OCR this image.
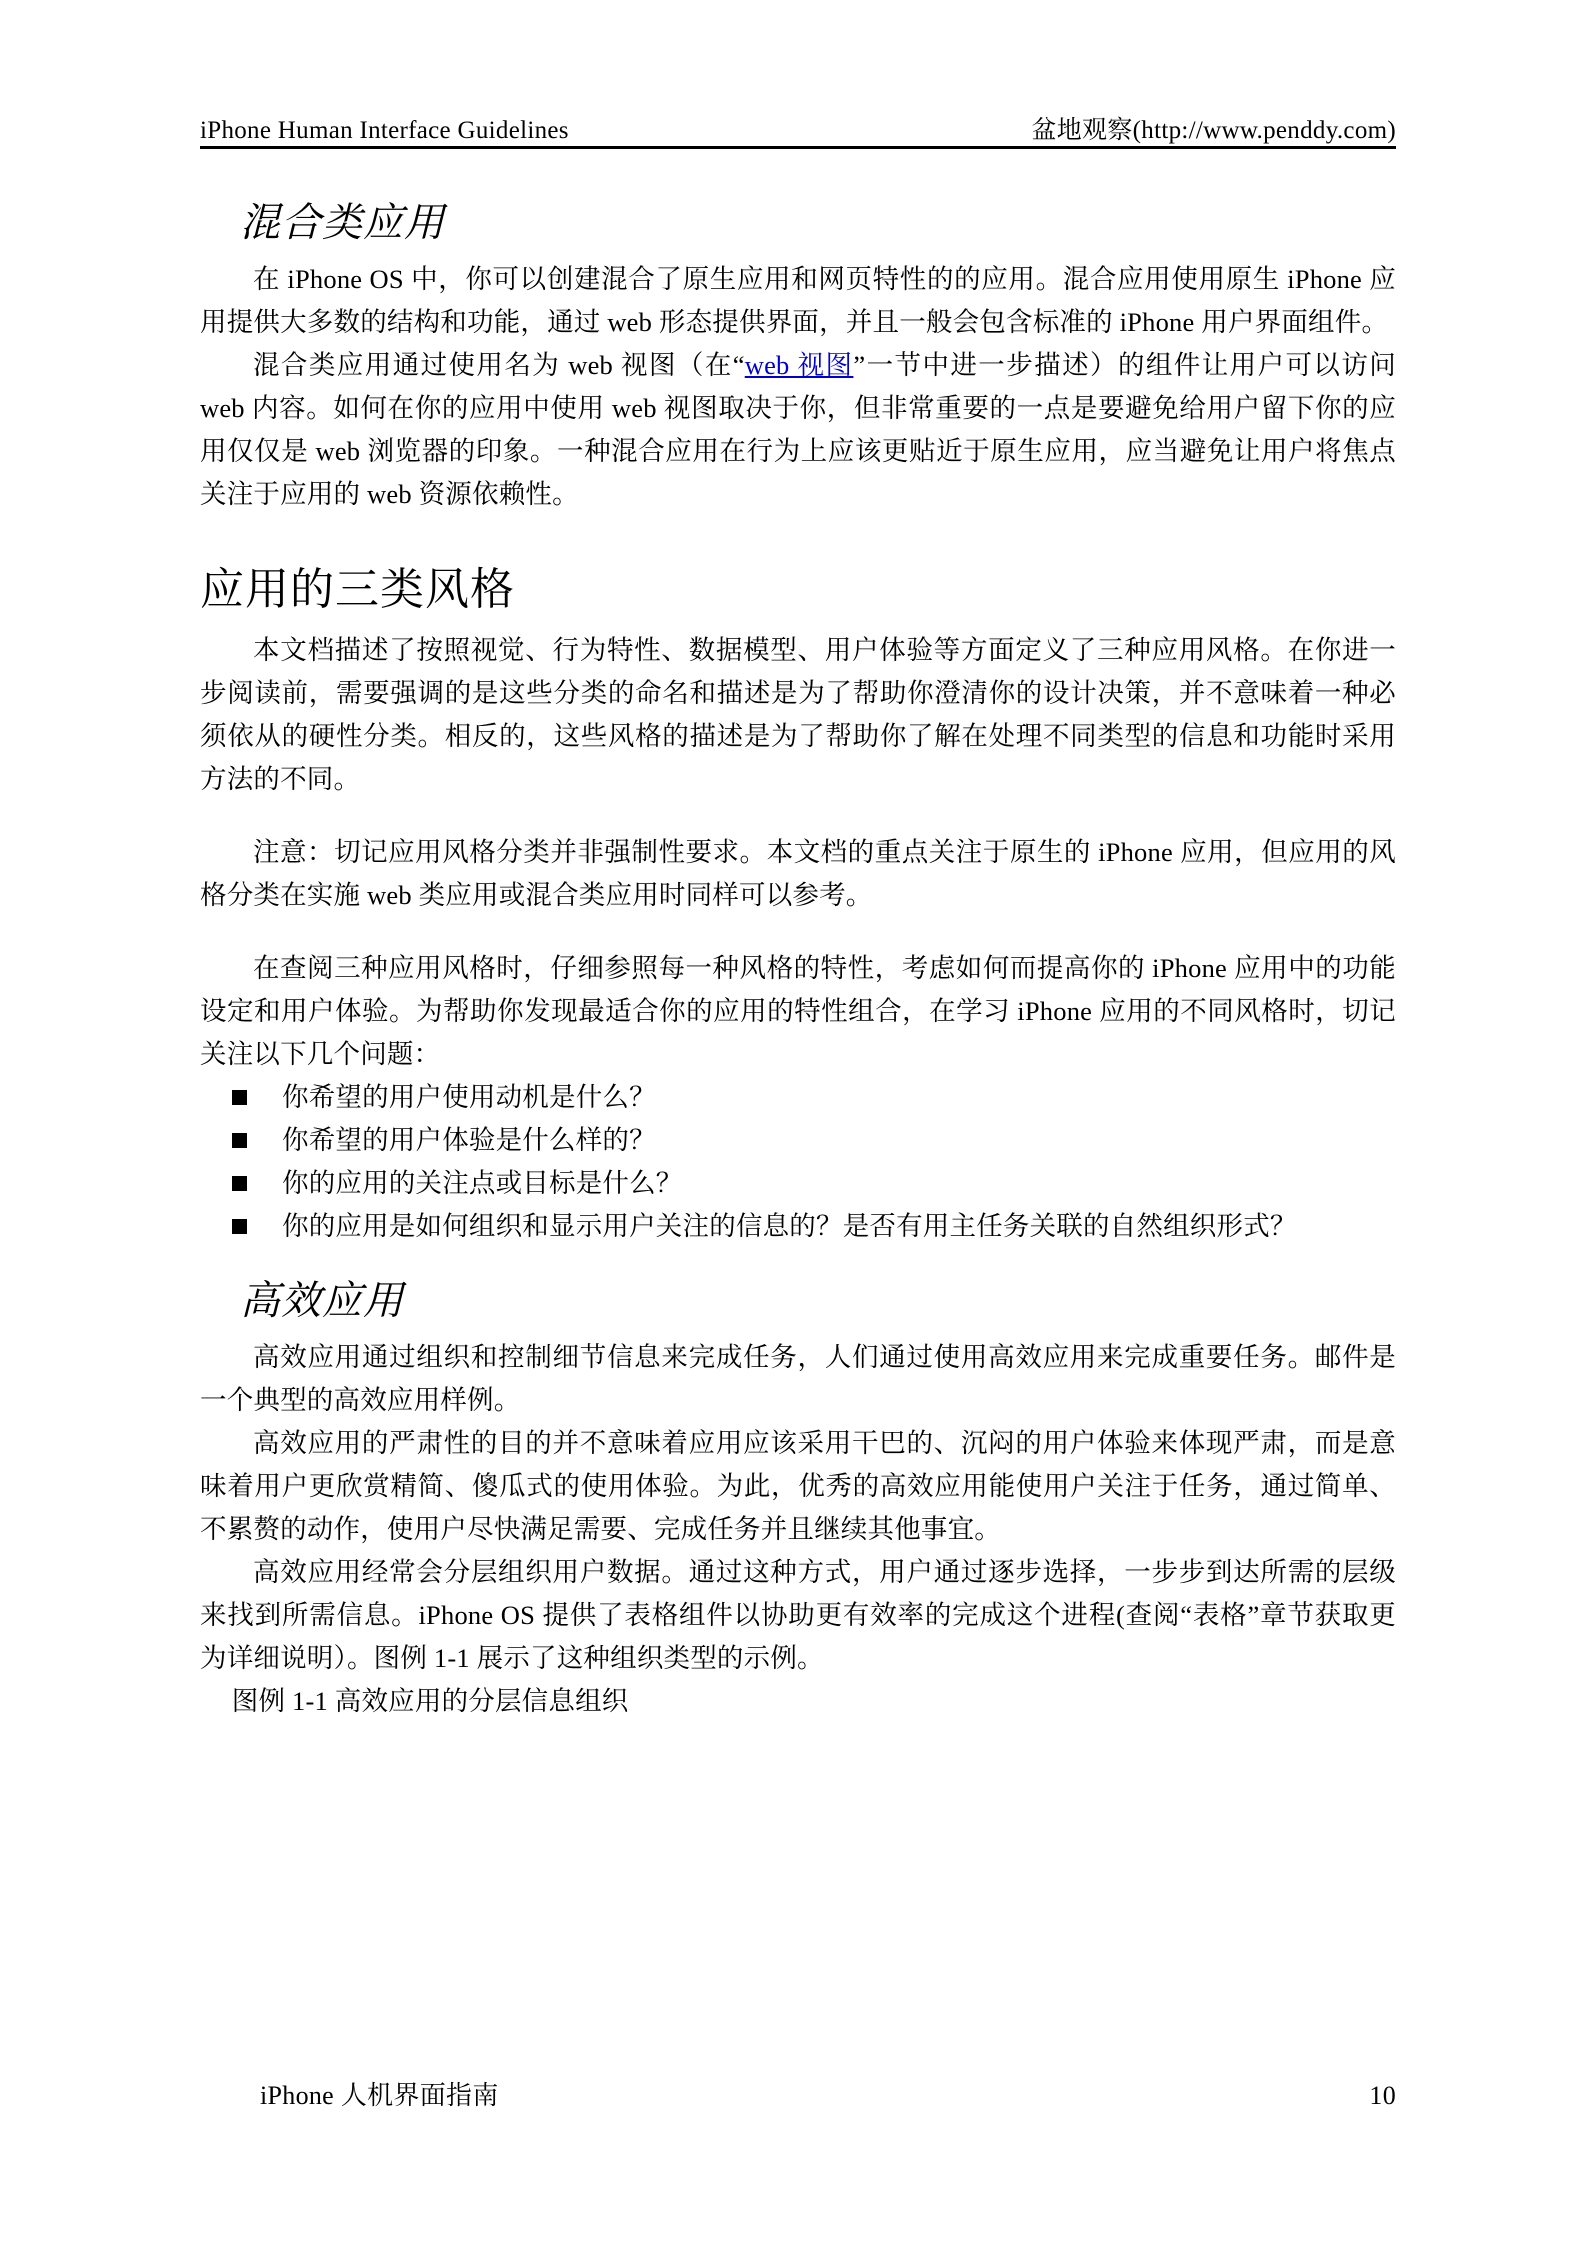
iPhone Human Interface Guidelines	盆地观察(http://www.penddy.com)
混合类应用

在 iPhone OS 中，你可以创建混合了原生应用和网页特性的的应用。混合应用使用原生 iPhone 应用提供大多数的结构和功能，通过 web 形态提供界面，并且一般会包含标准的 iPhone 用户界面组件。

混合类应用通过使用名为 web 视图（在“web 视图”一节中进一步描述）的组件让用户可以访问 web 内容。如何在你的应用中使用 web 视图取决于你，但非常重要的一点是要避免给用户留下你的应用仅仅是 web 浏览器的印象。一种混合应用在行为上应该更贴近于原生应用，应当避免让用户将焦点关注于应用的 web 资源依赖性。

应用的三类风格

本文档描述了按照视觉、行为特性、数据模型、用户体验等方面定义了三种应用风格。在你进一步阅读前，需要强调的是这些分类的命名和描述是为了帮助你澄清你的设计决策，并不意味着一种必须依从的硬性分类。相反的，这些风格的描述是为了帮助你了解在处理不同类型的信息和功能时采用方法的不同。

注意：切记应用风格分类并非强制性要求。本文档的重点关注于原生的 iPhone 应用，但应用的风格分类在实施 web 类应用或混合类应用时同样可以参考。

在查阅三种应用风格时，仔细参照每一种风格的特性，考虑如何而提高你的 iPhone 应用中的功能设定和用户体验。为帮助你发现最适合你的应用的特性组合，在学习 iPhone 应用的不同风格时，切记关注以下几个问题：

你希望的用户使用动机是什么？
你希望的用户体验是什么样的？
你的应用的关注点或目标是什么？
你的应用是如何组织和显示用户关注的信息的？是否有用主任务关联的自然组织形式？
高效应用

高效应用通过组织和控制细节信息来完成任务，人们通过使用高效应用来完成重要任务。邮件是一个典型的高效应用样例。

高效应用的严肃性的目的并不意味着应用应该采用干巴的、沉闷的用户体验来体现严肃，而是意味着用户更欣赏精简、傻瓜式的使用体验。为此，优秀的高效应用能使用户关注于任务，通过简单、不累赘的动作，使用户尽快满足需要、完成任务并且继续其他事宜。

高效应用经常会分层组织用户数据。通过这种方式，用户通过逐步选择，一步步到达所需的层级来找到所需信息。iPhone OS 提供了表格组件以协助更有效率的完成这个进程(查阅“表格”章节获取更为详细说明）。图例 1-1 展示了这种组织类型的示例。

图例 1-1 高效应用的分层信息组织

iPhone 人机界面指南	10
